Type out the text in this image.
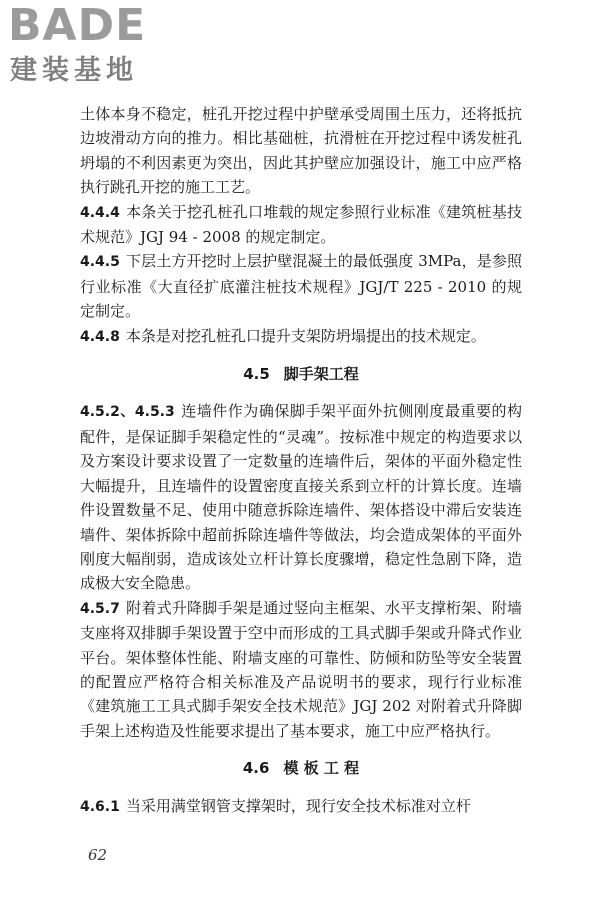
BADE
建装基地

土体本身不稳定，桩孔开挖过程中护壁承受周围土压力，还将抵抗边坡滑动方向的推力。相比基础桩，抗滑桩在开挖过程中诱发桩孔坍塌的不利因素更为突出，因此其护壁应加强设计，施工中应严格执行跳孔开挖的施工工艺。

4.4.4 本条关于挖孔桩孔口堆载的规定参照行业标准《建筑桩基技术规范》JGJ 94 - 2008 的规定制定。

4.4.5 下层土方开挖时上层护壁混凝土的最低强度 3MPa，是参照行业标准《大直径扩底灌注桩技术规程》JGJ/T 225 - 2010 的规定制定。

4.4.8 本条是对挖孔桩孔口提升支架防坍塌提出的技术规定。

4.5 脚手架工程

4.5.2、4.5.3 连墙件作为确保脚手架平面外抗侧刚度最重要的构配件，是保证脚手架稳定性的“灵魂”。按标准中规定的构造要求以及方案设计要求设置了一定数量的连墙件后，架体的平面外稳定性大幅提升，且连墙件的设置密度直接关系到立杆的计算长度。连墙件设置数量不足、使用中随意拆除连墙件、架体搭设中滞后安装连墙件、架体拆除中超前拆除连墙件等做法，均会造成架体的平面外刚度大幅削弱，造成该处立杆计算长度骤增，稳定性急剧下降，造成极大安全隐患。

4.5.7 附着式升降脚手架是通过竖向主框架、水平支撑桁架、附墙支座将双排脚手架设置于空中而形成的工具式脚手架或升降式作业平台。架体整体性能、附墙支座的可靠性、防倾和防坠等安全装置的配置应严格符合相关标准及产品说明书的要求，现行行业标准《建筑施工工具式脚手架安全技术规范》JGJ 202 对附着式升降脚手架上述构造及性能要求提出了基本要求，施工中应严格执行。

4.6 模 板 工 程

4.6.1 当采用满堂钢管支撑架时，现行安全技术标准对立杆

62
